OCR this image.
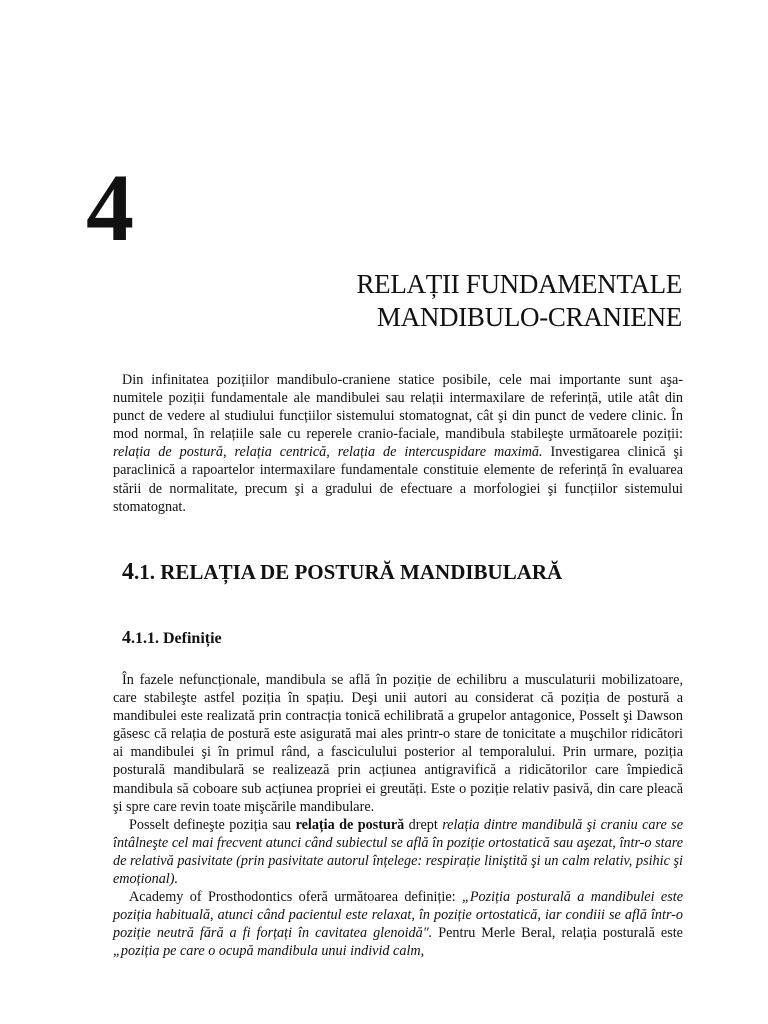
4
RELAȚII FUNDAMENTALE
MANDIBULO-CRANIENE

Din infinitatea pozițiilor mandibulo-craniene statice posibile, cele mai importante sunt aşa-numitele poziții fundamentale ale mandibulei sau relații intermaxilare de referință, utile atât din punct de vedere al studiului funcțiilor sistemului stomatognat, cât şi din punct de vedere clinic. În mod normal, în relațiile sale cu reperele cranio-faciale, mandibula stabileşte următoarele poziții: relația de postură, relația centrică, relația de intercuspidare maximă. Investigarea clinică şi paraclinică a rapoartelor intermaxilare fundamentale constituie elemente de referință în evaluarea stării de normalitate, precum şi a gradului de efectuare a morfologiei şi funcțiilor sistemului stomatognat.

4.1. RELAȚIA DE POSTURĂ MANDIBULARĂ
4.1.1. Definiție

În fazele nefuncționale, mandibula se află în poziție de echilibru a musculaturii mobilizatoare, care stabileşte astfel poziția în spațiu. Deşi unii autori au considerat că poziția de postură a mandibulei este realizată prin contracția tonică echilibrată a grupelor antagonice, Posselt şi Dawson găsesc că relația de postură este asigurată mai ales printr-o stare de tonicitate a muşchilor ridicători ai mandibulei şi în primul rând, a fasciculului posterior al temporalului. Prin urmare, poziția posturală mandibulară se realizează prin acțiunea antigravifică a ridicătorilor care împiedică mandibula să coboare sub acțiunea propriei ei greutăți. Este o poziție relativ pasivă, din care pleacă şi spre care revin toate mişcările mandibulare.

Posselt defineşte poziția sau relația de postură drept relația dintre mandibulă şi craniu care se întâlneşte cel mai frecvent atunci când subiectul se află în poziție ortostatică sau aşezat, într-o stare de relativă pasivitate (prin pasivitate autorul înțelege: respirație liniştită şi un calm relativ, psihic şi emoțional).

Academy of Prosthodontics oferă următoarea definiție: „Poziția posturală a mandibulei este poziția habituală, atunci când pacientul este relaxat, în poziție ortostatică, iar condiii se află într-o poziție neutră fără a fi forțați în cavitatea glenoidă". Pentru Merle Beral, relația posturală este „poziția pe care o ocupă mandibula unui individ calm,
